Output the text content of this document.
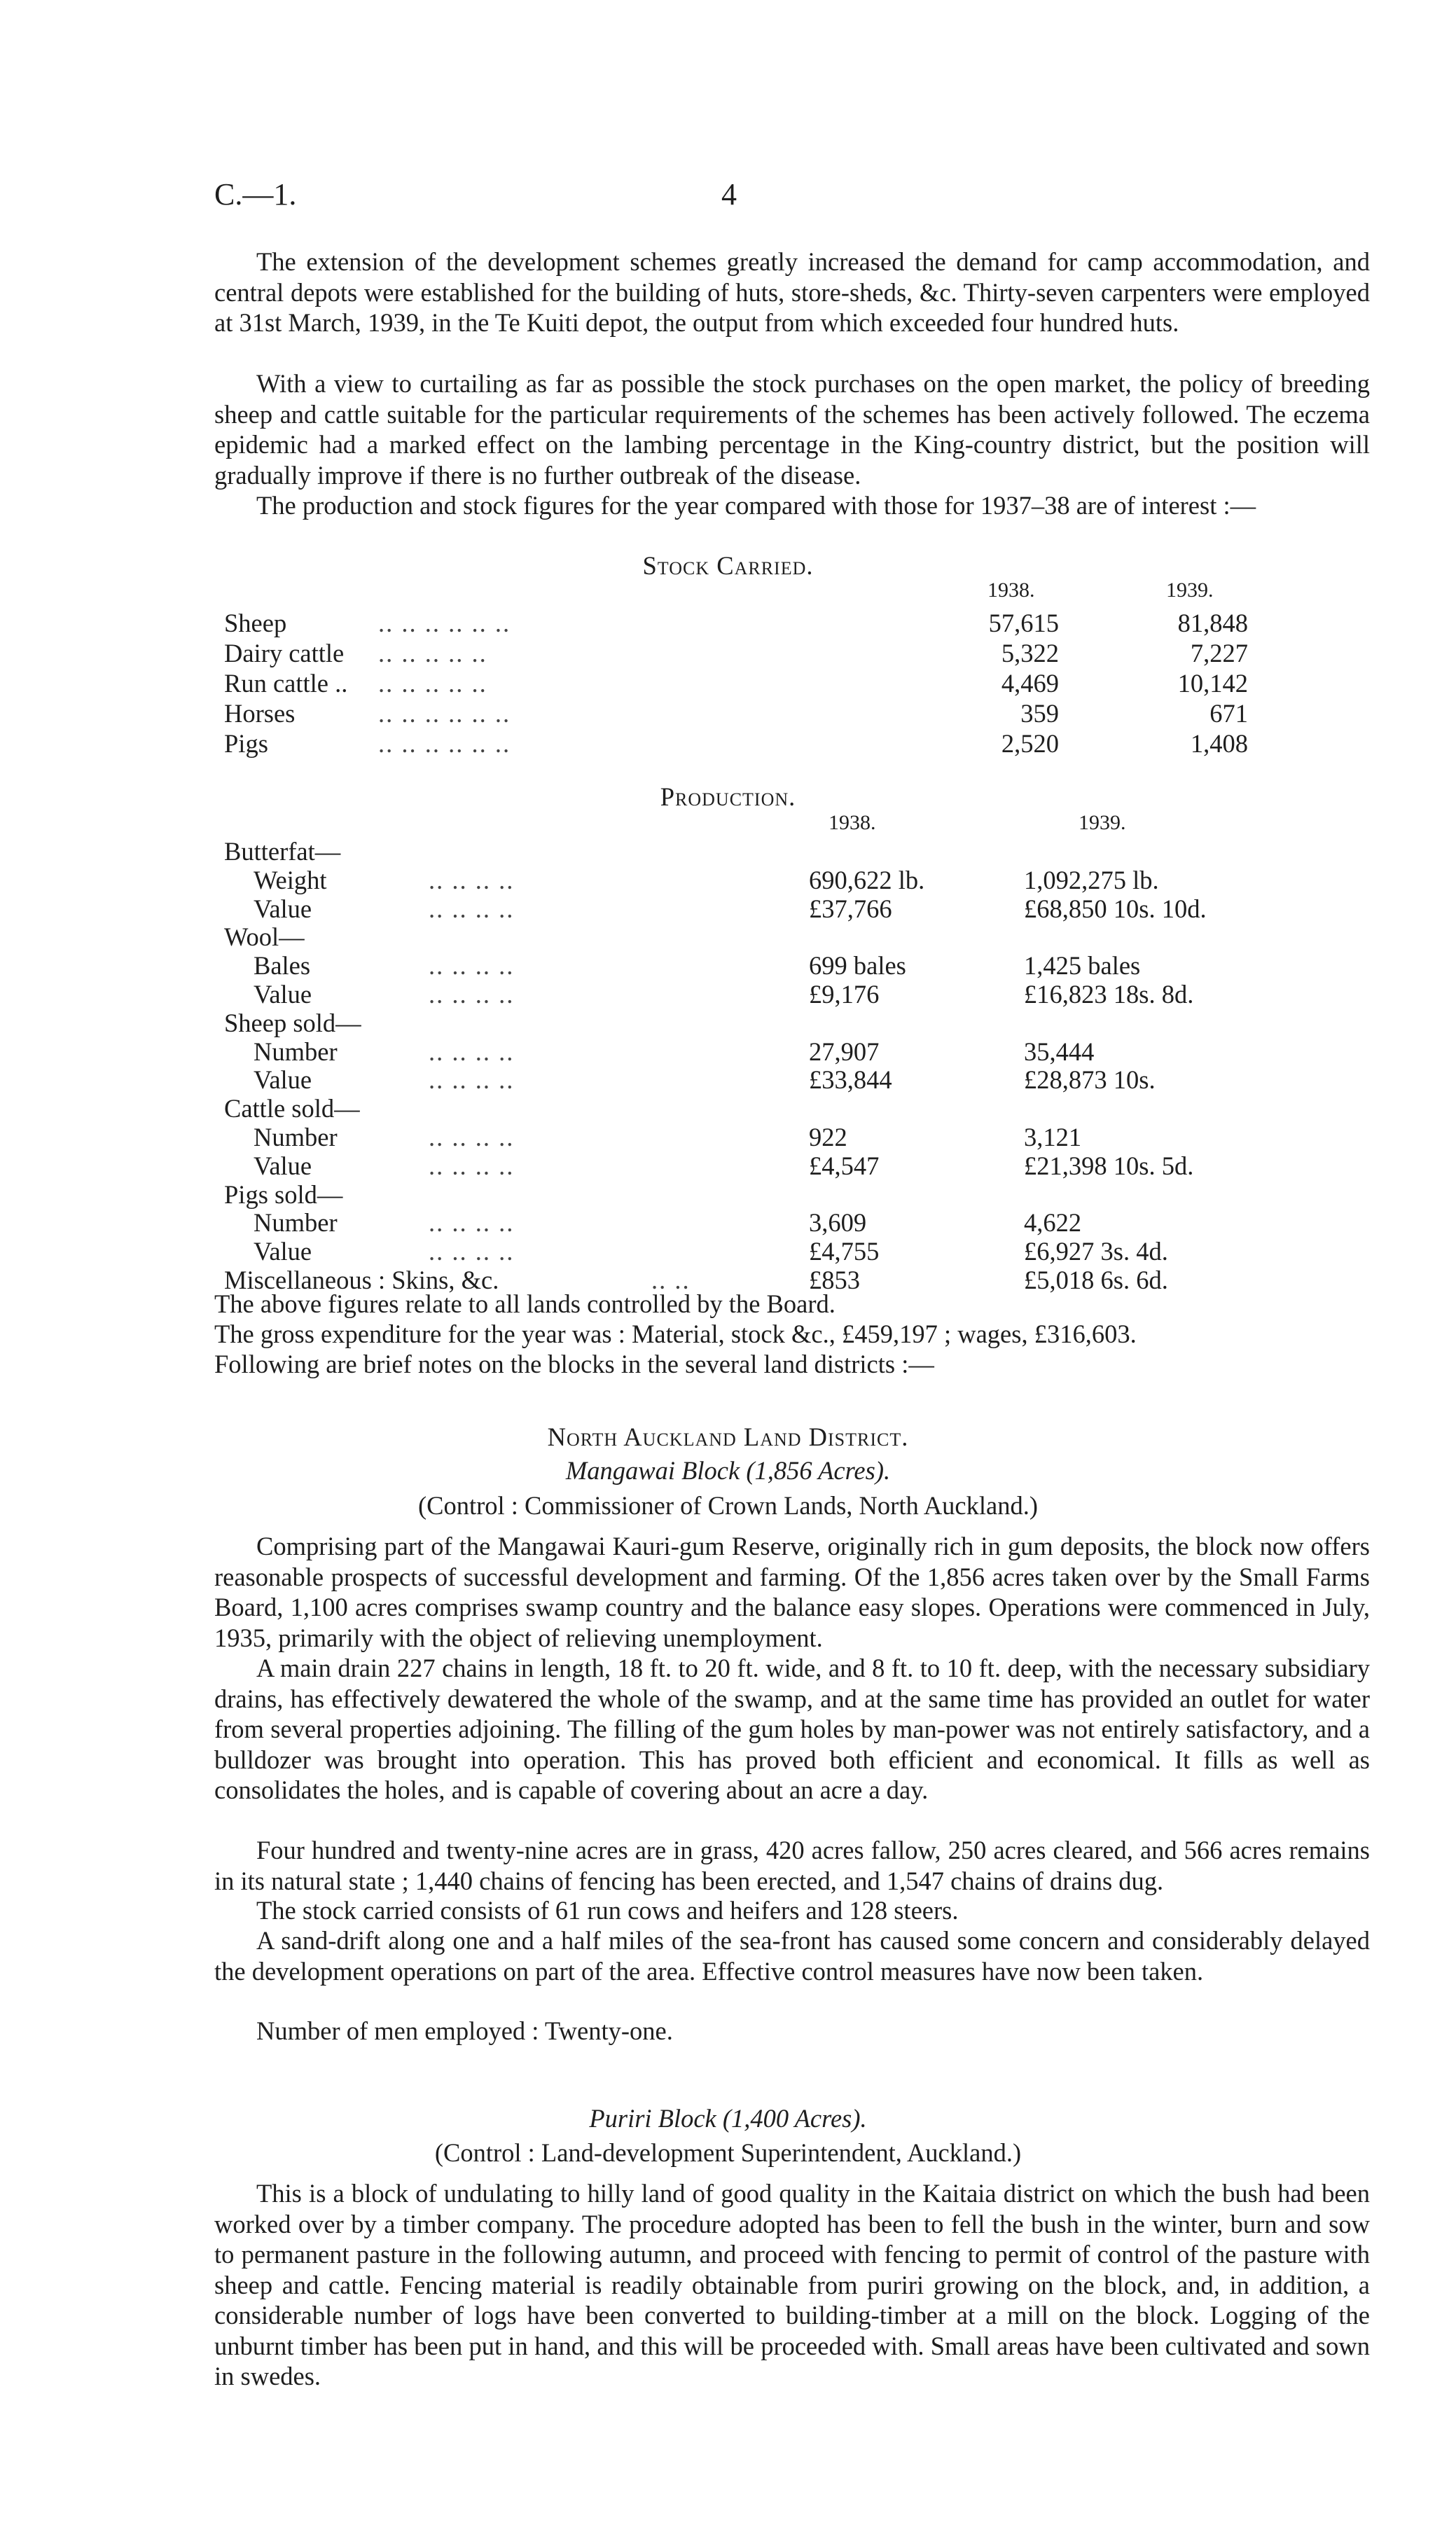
C.—1.	4

The extension of the development schemes greatly increased the demand for camp accommodation, and central depots were established for the building of huts, store-sheds, &c. Thirty-seven carpenters were employed at 31st March, 1939, in the Te Kuiti depot, the output from which exceeded four hundred huts.

With a view to curtailing as far as possible the stock purchases on the open market, the policy of breeding sheep and cattle suitable for the particular requirements of the schemes has been actively followed. The eczema epidemic had a marked effect on the lambing percentage in the King-country district, but the position will gradually improve if there is no further outbreak of the disease.

The production and stock figures for the year compared with those for 1937–38 are of interest :—

Stock Carried.
1938.	1939.
Sheep	.. .. .. .. .. ..	57,615	81,848
Dairy cattle .. .. .. .. ..	5,322	7,227
Run cattle .. .. .. .. .. ..	4,469	10,142
Horses	.. .. .. .. .. ..	359	671
Pigs	.. .. .. .. .. ..	2,520	1,408
Production.
1938.	1939.
Butterfat—
Weight	.. .. .. ..	690,622 lb.	1,092,275 lb.
Value	.. .. .. ..	£37,766	£68,850 10s. 10d.
Wool—
Bales	.. .. .. ..	699 bales	1,425 bales
Value	.. .. .. ..	£9,176	£16,823 18s. 8d.
Sheep sold—
Number	.. .. .. ..	27,907	35,444
Value	.. .. .. ..	£33,844	£28,873 10s.
Cattle sold—
Number	.. .. .. ..	922	3,121
Value	.. .. .. ..	£4,547	£21,398 10s. 5d.
Pigs sold—
Number	.. .. .. ..	3,609	4,622
Value	.. .. .. ..	£4,755	£6,927 3s. 4d.
Miscellaneous : Skins, &c.	.. ..	£853	£5,018 6s. 6d.
The above figures relate to all lands controlled by the Board.
The gross expenditure for the year was : Material, stock &c., £459,197 ; wages, £316,603.
Following are brief notes on the blocks in the several land districts :—
North Auckland Land District.
Mangawai Block (1,856 Acres).
(Control : Commissioner of Crown Lands, North Auckland.)

Comprising part of the Mangawai Kauri-gum Reserve, originally rich in gum deposits, the block now offers reasonable prospects of successful development and farming. Of the 1,856 acres taken over by the Small Farms Board, 1,100 acres comprises swamp country and the balance easy slopes. Operations were commenced in July, 1935, primarily with the object of relieving unemployment.

A main drain 227 chains in length, 18 ft. to 20 ft. wide, and 8 ft. to 10 ft. deep, with the necessary subsidiary drains, has effectively dewatered the whole of the swamp, and at the same time has provided an outlet for water from several properties adjoining. The filling of the gum holes by man-power was not entirely satisfactory, and a bulldozer was brought into operation. This has proved both efficient and economical. It fills as well as consolidates the holes, and is capable of covering about an acre a day.

Four hundred and twenty-nine acres are in grass, 420 acres fallow, 250 acres cleared, and 566 acres remains in its natural state ; 1,440 chains of fencing has been erected, and 1,547 chains of drains dug.

The stock carried consists of 61 run cows and heifers and 128 steers.

A sand-drift along one and a half miles of the sea-front has caused some concern and considerably delayed the development operations on part of the area. Effective control measures have now been taken.

Number of men employed : Twenty-one.

Puriri Block (1,400 Acres).
(Control : Land-development Superintendent, Auckland.)

This is a block of undulating to hilly land of good quality in the Kaitaia district on which the bush had been worked over by a timber company. The procedure adopted has been to fell the bush in the winter, burn and sow to permanent pasture in the following autumn, and proceed with fencing to permit of control of the pasture with sheep and cattle. Fencing material is readily obtainable from puriri growing on the block, and, in addition, a considerable number of logs have been converted to building-timber at a mill on the block. Logging of the unburnt timber has been put in hand, and this will be proceeded with. Small areas have been cultivated and sown in swedes.
